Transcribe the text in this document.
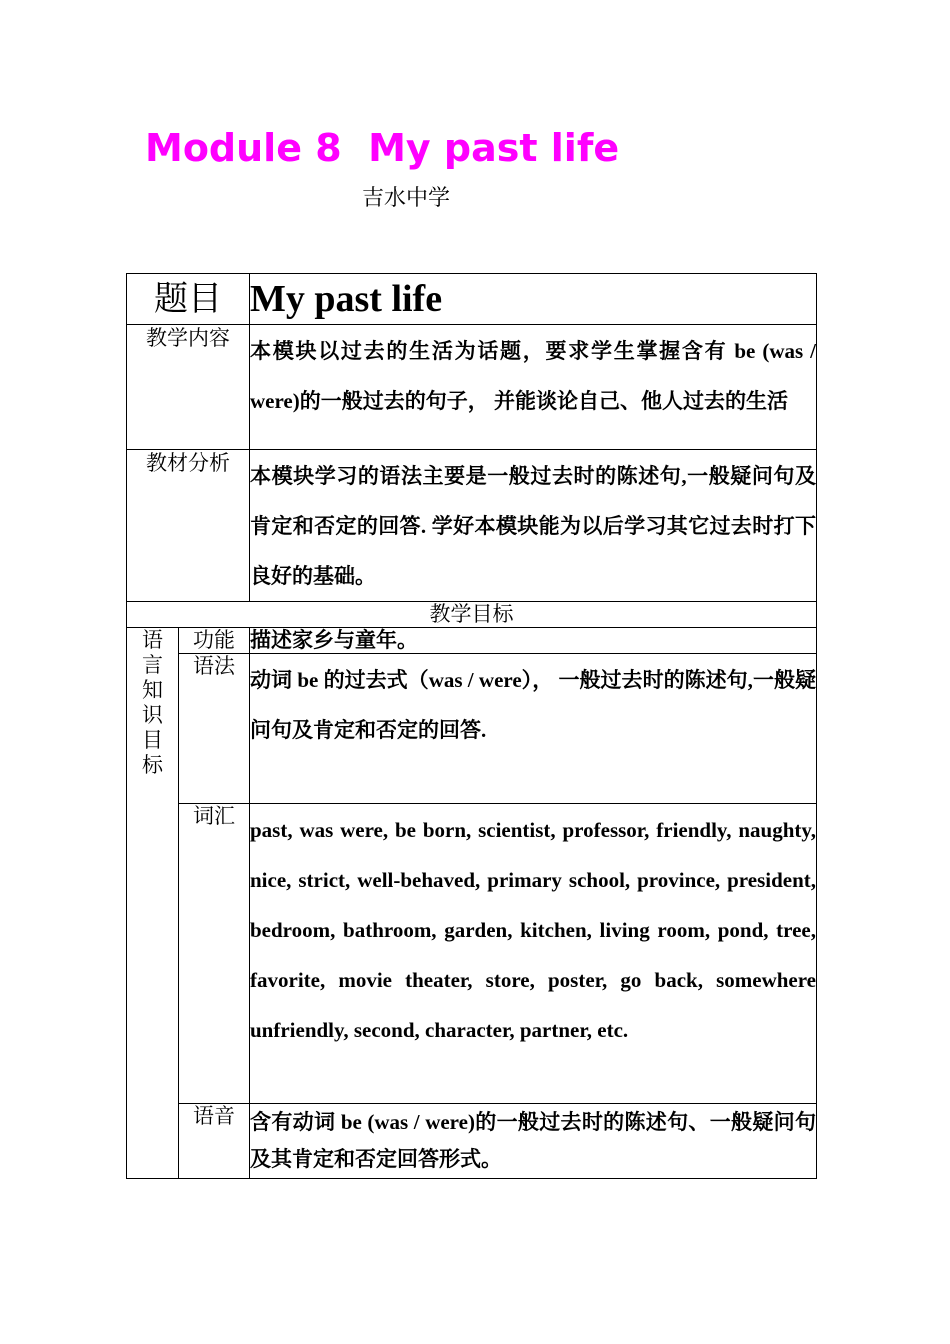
Module 8  My past life
吉水中学
题目		My past life
教学内容		本模块以过去的生活为话题，要求学生掌握含有 be (was / were)的一般过去的句子， 并能谈论自己、他人过去的生活

教材分析		本模块学习的语法主要是一般过去时的陈述句,一般疑问句及肯定和否定的回答. 学好本模块能为以后学习其它过去时打下良好的基础。

教学目标		

语言知识目标	功能	描述家乡与童年。
	语法	动词 be 的过去式（was / were）， 一般过去时的陈述句,一般疑问句及肯定和否定的回答.

	词汇	past, was were, be born, scientist, professor, friendly, naughty, nice, strict, well-behaved, primary school, province, president, bedroom, bathroom, garden, kitchen, living room, pond, tree, favorite, movie theater, store, poster, go back, somewhere unfriendly, second, character, partner, etc.

	语音	含有动词 be (was / were)的一般过去时的陈述句、一般疑问句及其肯定和否定回答形式。
